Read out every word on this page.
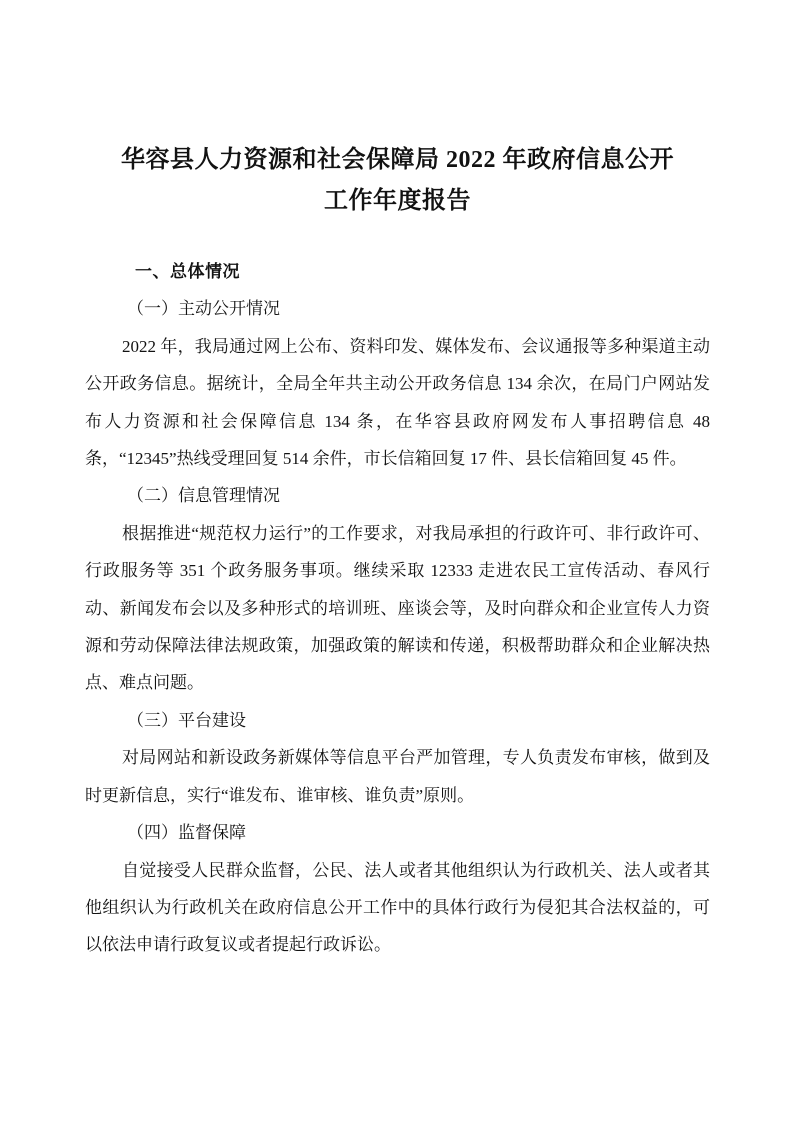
华容县人力资源和社会保障局 2022 年政府信息公开
工作年度报告
一、总体情况
（一）主动公开情况
2022 年，我局通过网上公布、资料印发、媒体发布、会议通报等多种渠道主动公开政务信息。据统计，全局全年共主动公开政务信息 134 余次，在局门户网站发布人力资源和社会保障信息 134 条，在华容县政府网发布人事招聘信息 48 条，“12345”热线受理回复 514 余件，市长信箱回复 17 件、县长信箱回复 45 件。
（二）信息管理情况
根据推进“规范权力运行”的工作要求，对我局承担的行政许可、非行政许可、行政服务等 351 个政务服务事项。继续采取 12333 走进农民工宣传活动、春风行动、新闻发布会以及多种形式的培训班、座谈会等，及时向群众和企业宣传人力资源和劳动保障法律法规政策，加强政策的解读和传递，积极帮助群众和企业解决热点、难点问题。
（三）平台建设
对局网站和新设政务新媒体等信息平台严加管理，专人负责发布审核，做到及时更新信息，实行“谁发布、谁审核、谁负责”原则。
（四）监督保障
自觉接受人民群众监督，公民、法人或者其他组织认为行政机关、法人或者其他组织认为行政机关在政府信息公开工作中的具体行政行为侵犯其合法权益的，可以依法申请行政复议或者提起行政诉讼。
